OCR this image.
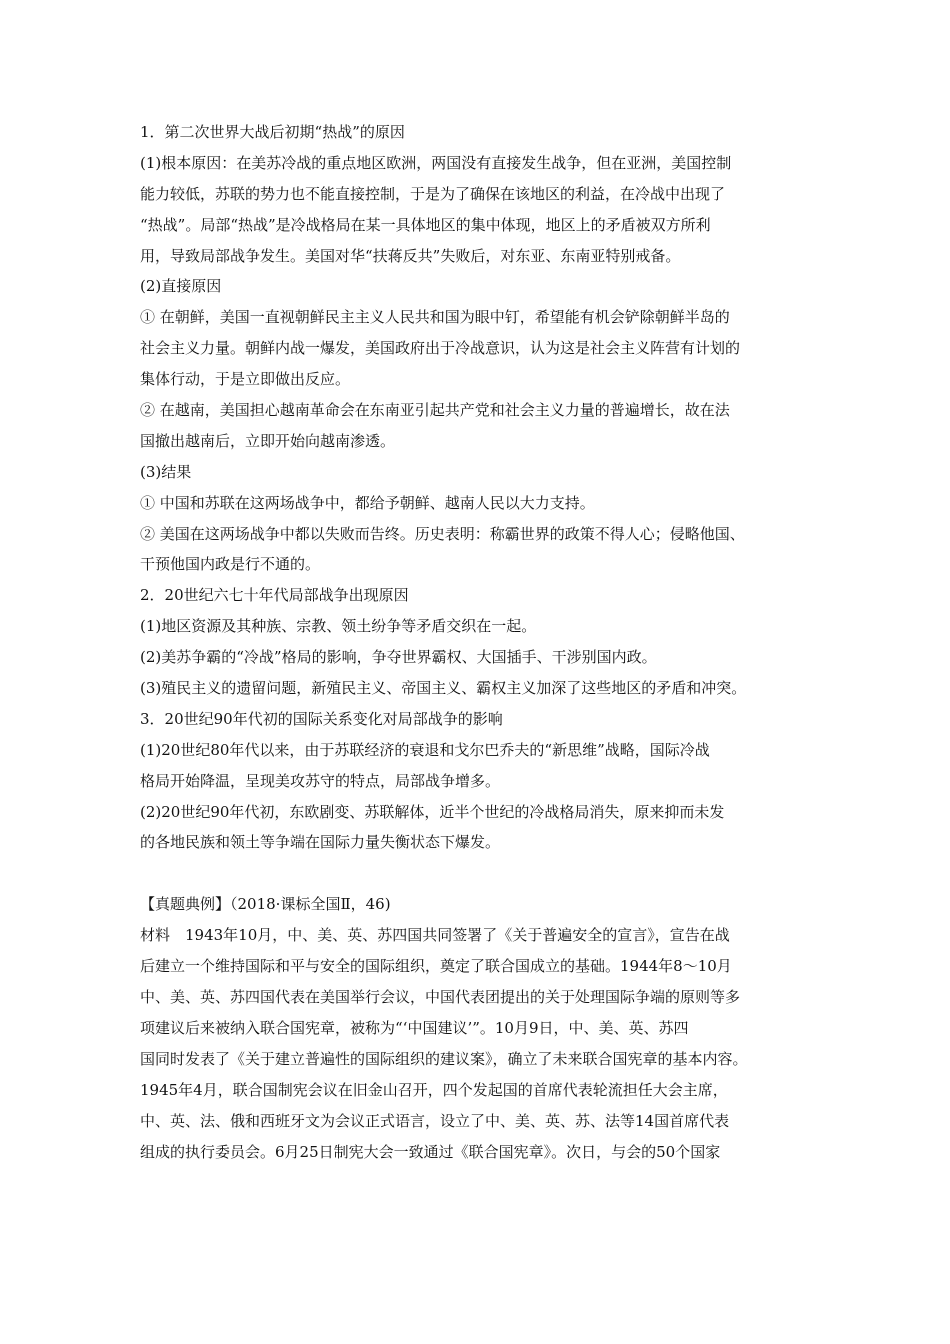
1．第二次世界大战后初期“热战”的原因
(1)根本原因：在美苏冷战的重点地区欧洲，两国没有直接发生战争，但在亚洲，美国控制
能力较低，苏联的势力也不能直接控制，于是为了确保在该地区的利益，在冷战中出现了
“热战”。局部“热战”是冷战格局在某一具体地区的集中体现，地区上的矛盾被双方所利
用，导致局部战争发生。美国对华“扶蒋反共”失败后，对东亚、东南亚特别戒备。
(2)直接原因
① 在朝鲜，美国一直视朝鲜民主主义人民共和国为眼中钉，希望能有机会铲除朝鲜半岛的
社会主义力量。朝鲜内战一爆发，美国政府出于冷战意识，认为这是社会主义阵营有计划的
集体行动，于是立即做出反应。
② 在越南，美国担心越南革命会在东南亚引起共产党和社会主义力量的普遍增长，故在法
国撤出越南后，立即开始向越南渗透。
(3)结果
① 中国和苏联在这两场战争中，都给予朝鲜、越南人民以大力支持。
② 美国在这两场战争中都以失败而告终。历史表明：称霸世界的政策不得人心；侵略他国、
干预他国内政是行不通的。
2．20世纪六七十年代局部战争出现原因
(1)地区资源及其种族、宗教、领土纷争等矛盾交织在一起。
(2)美苏争霸的“冷战”格局的影响，争夺世界霸权、大国插手、干涉别国内政。
(3)殖民主义的遗留问题，新殖民主义、帝国主义、霸权主义加深了这些地区的矛盾和冲突。
3．20世纪90年代初的国际关系变化对局部战争的影响
(1)20世纪80年代以来，由于苏联经济的衰退和戈尔巴乔夫的“新思维”战略，国际冷战
格局开始降温，呈现美攻苏守的特点，局部战争增多。
(2)20世纪90年代初，东欧剧变、苏联解体，近半个世纪的冷战格局消失，原来抑而未发
的各地民族和领土等争端在国际力量失衡状态下爆发。
【真题典例】（2018·课标全国Ⅱ，46)
材料　1943年10月，中、美、英、苏四国共同签署了《关于普遍安全的宣言》，宣告在战
后建立一个维持国际和平与安全的国际组织，奠定了联合国成立的基础。1944年8～10月
中、美、英、苏四国代表在美国举行会议，中国代表团提出的关于处理国际争端的原则等多
项建议后来被纳入联合国宪章，被称为“‘中国建议’”。10月9日，中、美、英、苏四
国同时发表了《关于建立普遍性的国际组织的建议案》，确立了未来联合国宪章的基本内容。
1945年4月，联合国制宪会议在旧金山召开，四个发起国的首席代表轮流担任大会主席，
中、英、法、俄和西班牙文为会议正式语言，设立了中、美、英、苏、法等14国首席代表
组成的执行委员会。6月25日制宪大会一致通过《联合国宪章》。次日，与会的50个国家
